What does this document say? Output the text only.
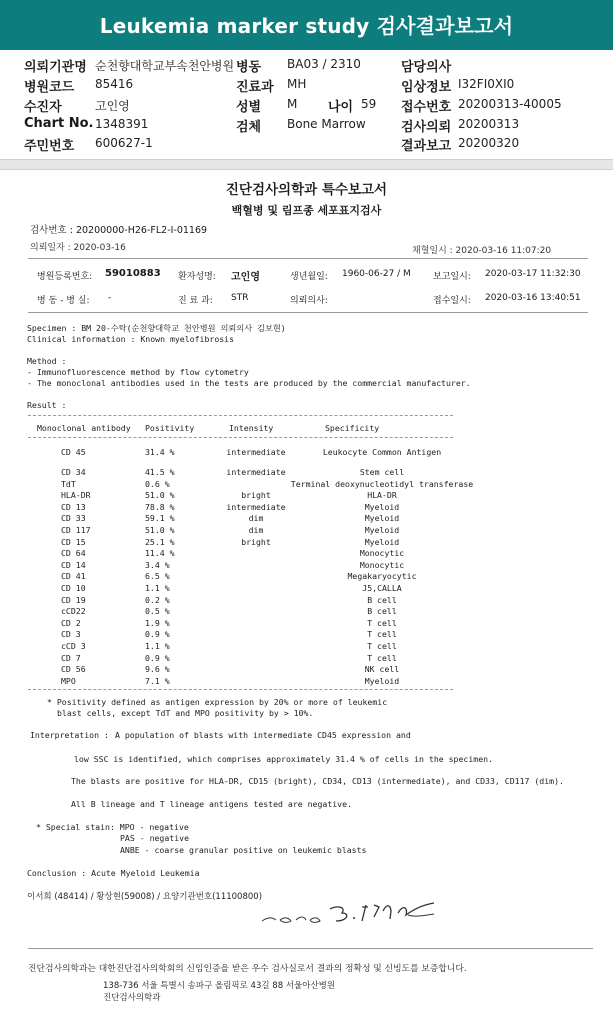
Leukemia marker study 검사결과보고서
의뢰기관명 순천향대학교부속천안병원 병동 BA03 / 2310	담당의사
병원코드 85416	진료과 MH	임상정보 I32FI0XI0
수진자	고인영	성별 M 나이 59 접수번호 20200313-40005
Chart No. 1348391	검체 Bone Marrow	검사의뢰 20200313
주민번호 600627-1	결과보고 20200320
진단검사의학과 특수보고서
백혈병 및 림프종 세포표지검사
검사번호 : 20200000-H26-FL2-I-01169
의뢰일자 : 2020-03-16	채혈일시 : 2020-03-16 11:07:20
병원등록번호: 59010883 환자성명: 고인영	생년월일: 1960-06-27 / M 보고일시: 2020-03-17 11:32:30
병 동 - 병 실: -	진 료 과: STR	의뢰의사:	접수일시: 2020-03-16 13:40:51
Specimen : BM 20-수탁(순천향대학교 천안병원 의뢰의사 김보현)
Clinical information : Known myelofibrosis
Method :
- Immunofluorescence method by flow cytometry
- The monoclonal antibodies used in the tests are produced by the commercial manufacturer.
Result :
Monoclonal antibody Positivity	Intensity	Specificity
CD 45	31.4 %	intermediate	Leukocyte Common Antigen
CD 34	41.5 %	intermediate	Stem cell
TdT	0.6 %	Terminal deoxynucleotidyl transferase
HLA-DR	51.0 %	bright	HLA-DR
CD 13	78.8 %	intermediate	Myeloid
CD 33	59.1 %	dim	Myeloid
CD 117	51.0 %	dim	Myeloid
CD 15	25.1 %	bright	Myeloid
CD 64	11.4 %	Monocytic
CD 14	3.4 %	Monocytic
CD 41	6.5 %	Megakaryocytic
CD 10	1.1 %	J5,CALLA
CD 19	0.2 %	B cell
cCD22	0.5 %	B cell
CD 2	1.9 %	T cell
CD 3	0.9 %	T cell
cCD 3	1.1 %	T cell
CD 7	0.9 %	T cell
CD 56	9.6 %	NK cell
MPO	7.1 %	Myeloid
* Positivity defined as antigen expression by 20% or more of leukemic
blast cells, except TdT and MPO positivity by > 10%.
Interpretation : A population of blasts with intermediate CD45 expression and
low SSC is identified, which comprises approximately 31.4 % of cells in the specimen.
The blasts are positive for HLA-DR, CD15 (bright), CD34, CD13 (intermediate), and CD33, CD117 (dim).
All B lineage and T lineage antigens tested are negative.
* Special stain: MPO - negative
PAS - negative
ANBE - coarse granular positive on leukemic blasts
Conclusion : Acute Myeloid Leukemia
이서희 (48414) / 황상현(59008) / 요양기관번호(11100800)
진단검사의학과는 대한진단검사의학회의 신임인증을 받은 우수 검사실로서 결과의 정확성 및 신빙도를 보증합니다.
138-736 서울 특별시 송파구 올림픽로 43길 88 서울아산병원
진단검사의학과
